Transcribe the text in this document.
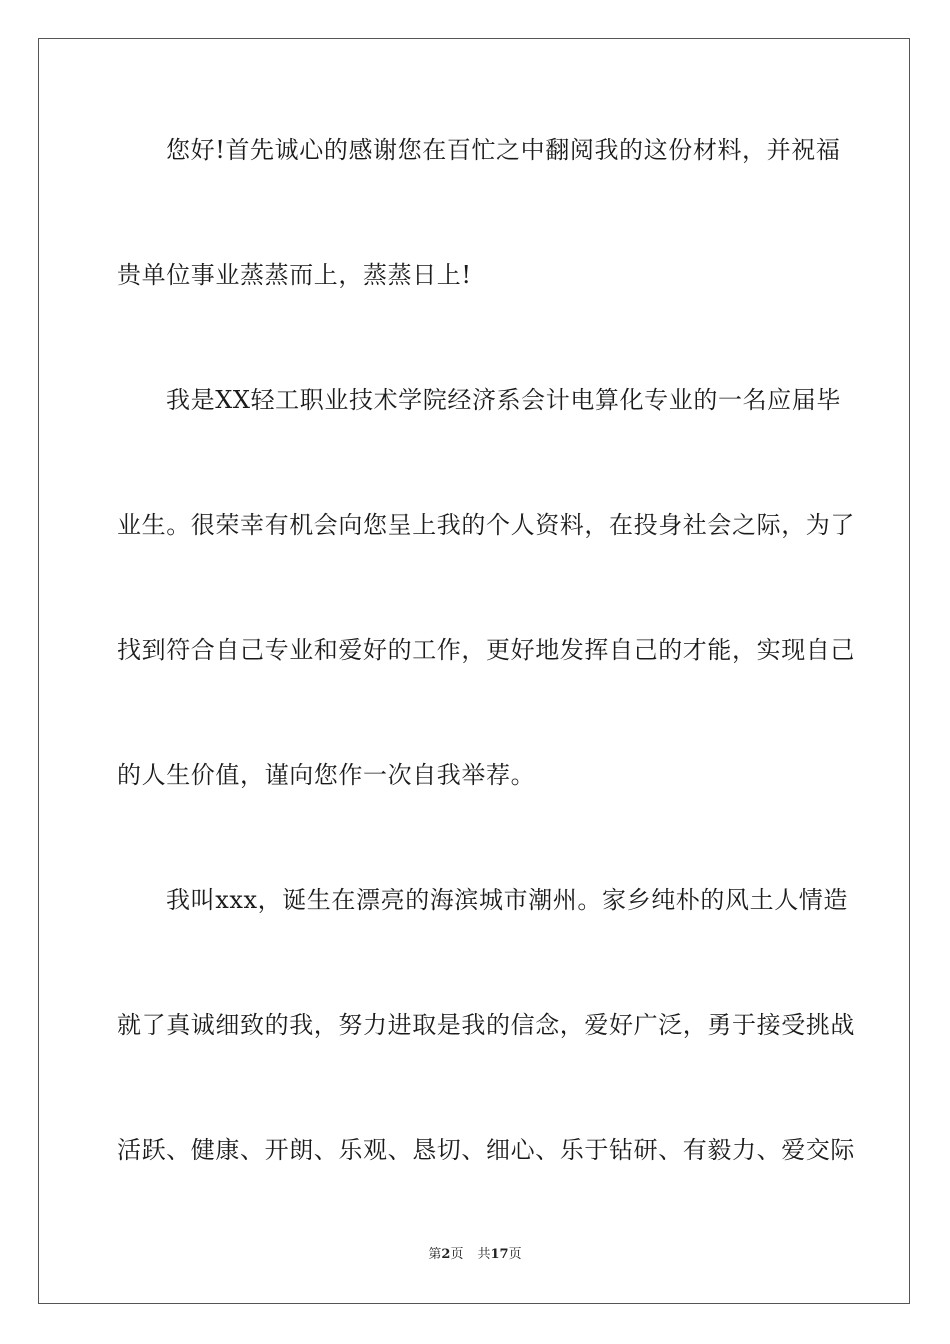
您好!首先诚心的感谢您在百忙之中翻阅我的这份材料，并祝福

贵单位事业蒸蒸而上，蒸蒸日上!

我是XX轻工职业技术学院经济系会计电算化专业的一名应届毕

业生。很荣幸有机会向您呈上我的个人资料，在投身社会之际，为了

找到符合自己专业和爱好的工作，更好地发挥自己的才能，实现自己

的人生价值，谨向您作一次自我举荐。

我叫xxx，诞生在漂亮的海滨城市潮州。家乡纯朴的风土人情造

就了真诚细致的我，努力进取是我的信念，爱好广泛，勇于接受挑战

活跃、健康、开朗、乐观、恳切、细心、乐于钻研、有毅力、爱交际

第2页 共17页
